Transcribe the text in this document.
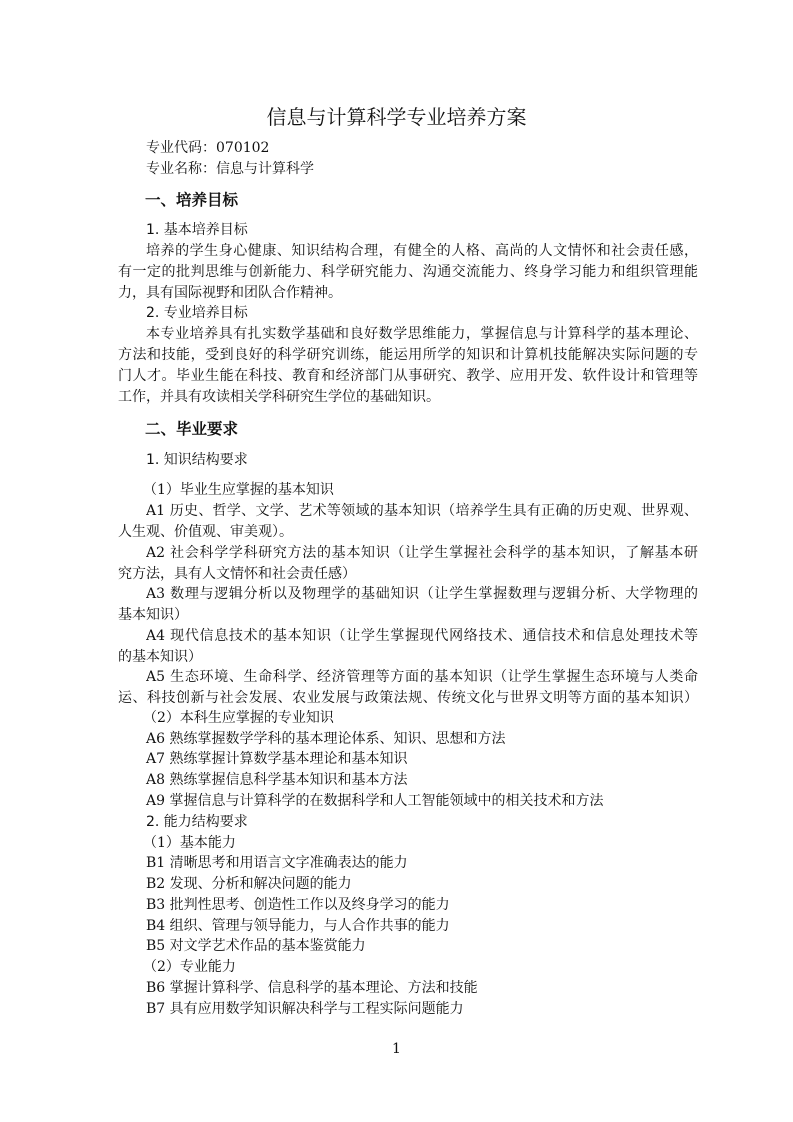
信息与计算科学专业培养方案
专业代码：070102
专业名称：信息与计算科学
一、培养目标
1. 基本培养目标
培养的学生身心健康、知识结构合理，有健全的人格、高尚的人文情怀和社会责任感，
有一定的批判思维与创新能力、科学研究能力、沟通交流能力、终身学习能力和组织管理能
力，具有国际视野和团队合作精神。
2. 专业培养目标
本专业培养具有扎实数学基础和良好数学思维能力，掌握信息与计算科学的基本理论、
方法和技能，受到良好的科学研究训练，能运用所学的知识和计算机技能解决实际问题的专
门人才。毕业生能在科技、教育和经济部门从事研究、教学、应用开发、软件设计和管理等
工作，并具有攻读相关学科研究生学位的基础知识。
二、毕业要求
1. 知识结构要求
（1）毕业生应掌握的基本知识
A1 历史、哲学、文学、艺术等领域的基本知识（培养学生具有正确的历史观、世界观、
人生观、价值观、审美观）。
A2 社会科学学科研究方法的基本知识（让学生掌握社会科学的基本知识，了解基本研
究方法，具有人文情怀和社会责任感）
A3 数理与逻辑分析以及物理学的基础知识（让学生掌握数理与逻辑分析、大学物理的
基本知识）
A4 现代信息技术的基本知识（让学生掌握现代网络技术、通信技术和信息处理技术等
的基本知识）
A5 生态环境、生命科学、经济管理等方面的基本知识（让学生掌握生态环境与人类命
运、科技创新与社会发展、农业发展与政策法规、传统文化与世界文明等方面的基本知识）
（2）本科生应掌握的专业知识
A6 熟练掌握数学学科的基本理论体系、知识、思想和方法
A7 熟练掌握计算数学基本理论和基本知识
A8 熟练掌握信息科学基本知识和基本方法
A9 掌握信息与计算科学的在数据科学和人工智能领域中的相关技术和方法
2. 能力结构要求
（1）基本能力
B1 清晰思考和用语言文字准确表达的能力
B2 发现、分析和解决问题的能力
B3 批判性思考、创造性工作以及终身学习的能力
B4 组织、管理与领导能力，与人合作共事的能力
B5 对文学艺术作品的基本鉴赏能力
（2）专业能力
B6 掌握计算科学、信息科学的基本理论、方法和技能
B7 具有应用数学知识解决科学与工程实际问题能力
1
